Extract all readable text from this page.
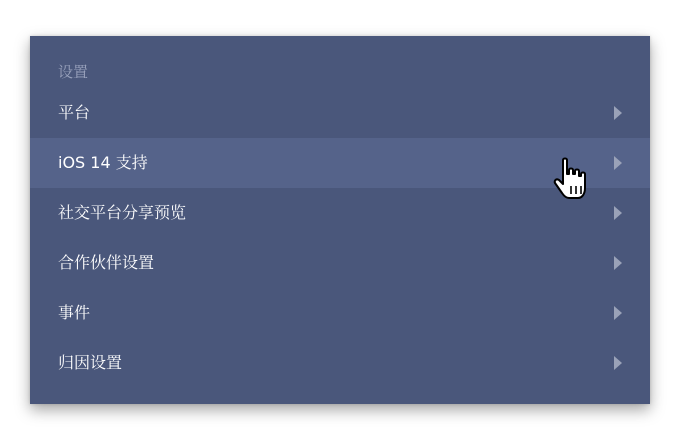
设置
平台
iOS 14 支持
社交平台分享预览
合作伙伴设置
事件
归因设置
